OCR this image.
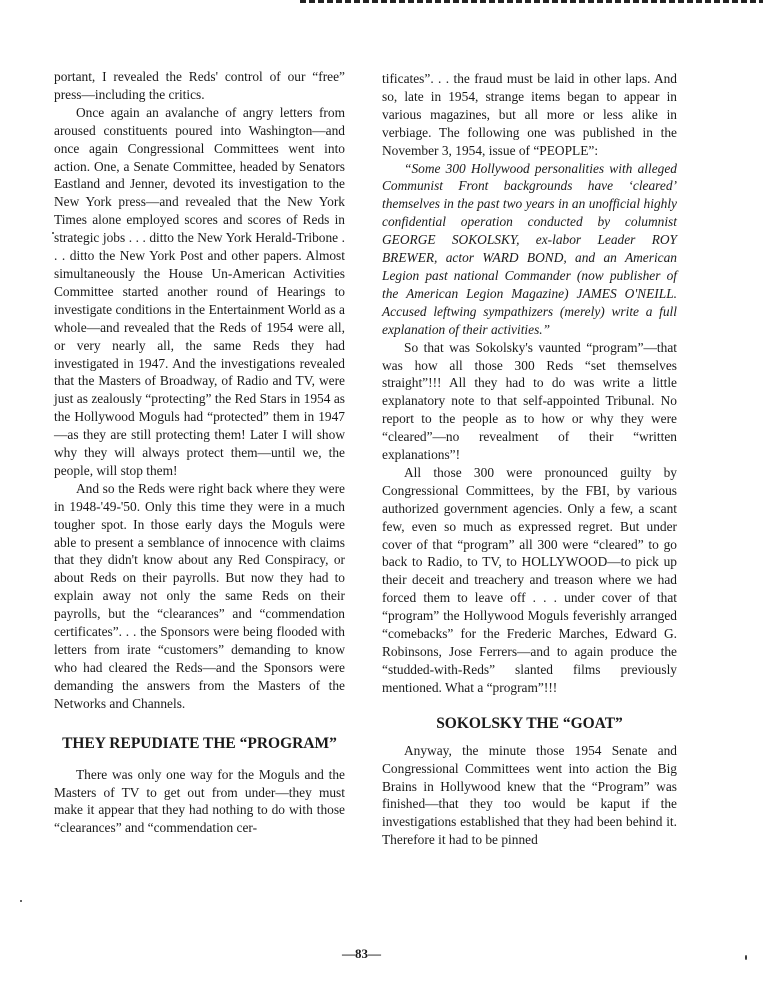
portant, I revealed the Reds' control of our “free” press—including the critics.

Once again an avalanche of angry letters from aroused constituents poured into Washington—and once again Congressional Committees went into action. One, a Senate Committee, headed by Senators Eastland and Jenner, devoted its investigation to the New York press—and revealed that the New York Times alone employed scores and scores of Reds in strategic jobs . . . ditto the New York Herald-Tribone . . . ditto the New York Post and other papers. Almost simultaneously the House Un-American Activities Committee started another round of Hearings to investigate conditions in the Entertainment World as a whole—and revealed that the Reds of 1954 were all, or very nearly all, the same Reds they had investigated in 1947. And the investigations revealed that the Masters of Broadway, of Radio and TV, were just as zealously “protecting” the Red Stars in 1954 as the Hollywood Moguls had “protected” them in 1947—as they are still protecting them! Later I will show why they will always protect them—until we, the people, will stop them!

And so the Reds were right back where they were in 1948-'49-'50. Only this time they were in a much tougher spot. In those early days the Moguls were able to present a semblance of innocence with claims that they didn't know about any Red Conspiracy, or about Reds on their payrolls. But now they had to explain away not only the same Reds on their payrolls, but the “clearances” and “commendation certificates”. . . the Sponsors were being flooded with letters from irate “customers” demanding to know who had cleared the Reds—and the Sponsors were demanding the answers from the Masters of the Networks and Channels.

THEY REPUDIATE THE “PROGRAM”

There was only one way for the Moguls and the Masters of TV to get out from under—they must make it appear that they had nothing to do with those “clearances” and “commendation cer-

tificates”. . . the fraud must be laid in other laps. And so, late in 1954, strange items began to appear in various magazines, but all more or less alike in verbiage. The following one was published in the November 3, 1954, issue of “PEOPLE”:

“Some 300 Hollywood personalities with alleged Communist Front backgrounds have ‘cleared’ themselves in the past two years in an unofficial highly confidential operation conducted by columnist GEORGE SOKOLSKY, ex-labor Leader ROY BREWER, actor WARD BOND, and an American Legion past national Commander (now publisher of the American Legion Magazine) JAMES O'NEILL. Accused leftwing sympathizers (merely) write a full explanation of their activities.”

So that was Sokolsky's vaunted “program”—that was how all those 300 Reds “set themselves straight”!!! All they had to do was write a little explanatory note to that self-appointed Tribunal. No report to the people as to how or why they were “cleared”—no revealment of their “written explanations”!

All those 300 were pronounced guilty by Congressional Committees, by the FBI, by various authorized government agencies. Only a few, a scant few, even so much as expressed regret. But under cover of that “program” all 300 were “cleared” to go back to Radio, to TV, to HOLLYWOOD—to pick up their deceit and treachery and treason where we had forced them to leave off . . . under cover of that “program” the Hollywood Moguls feverishly arranged “comebacks” for the Frederic Marches, Edward G. Robinsons, Jose Ferrers—and to again produce the “studded-with-Reds” slanted films previously mentioned. What a “program”!!!

SOKOLSKY THE “GOAT”

Anyway, the minute those 1954 Senate and Congressional Committees went into action the Big Brains in Hollywood knew that the “Program” was finished—that they too would be kaput if the investigations established that they had been behind it. Therefore it had to be pinned

—83—
